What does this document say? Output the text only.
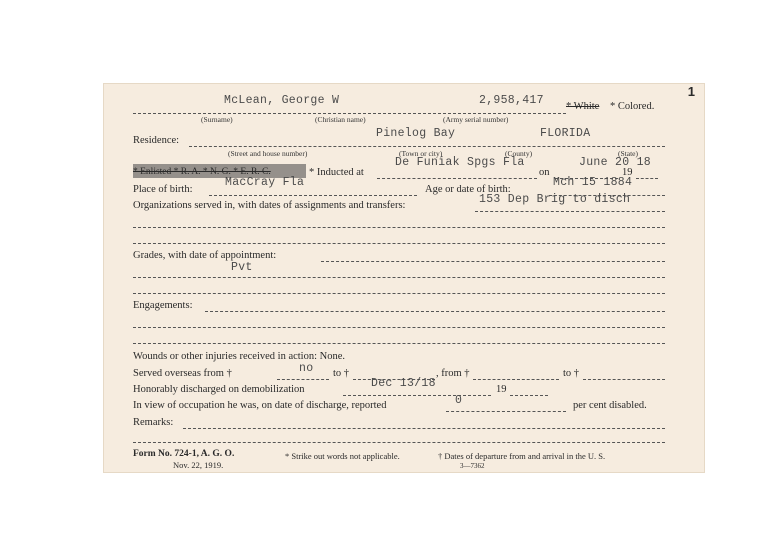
1
McLean, George W	2,958,417 * White * Colored.
(Surname)	(Christian name)	(Army serial number)
Residence:
Pinelog Bay	FLORIDA
(Street and house number)	(Town or city)	(County)	(State)
* Enlisted * R. A. * N. G. * E. R. C.	* Inducted at
De Funiak Spgs Fla
on
June 20 18
19
Place of birth:
MacCray Fla
Age or date of birth:
Mch 15 1884
Organizations served in, with dates of assignments and transfers:	153 Dep Brig to disch
Grades, with date of appointment:
Pvt
Engagements:
Wounds or other injuries received in action: None.
Served overseas from †	no to †	, from †	to †
Honorably discharged on demobilization	Dec 13/18	19
In view of occupation he was, on date of discharge, reported	0	per cent disabled.
Remarks:
Form No. 724-1, A. G. O.
Nov. 22, 1919.
* Strike out words not applicable.	† Dates of departure from and arrival in the U. S.
3—7362
